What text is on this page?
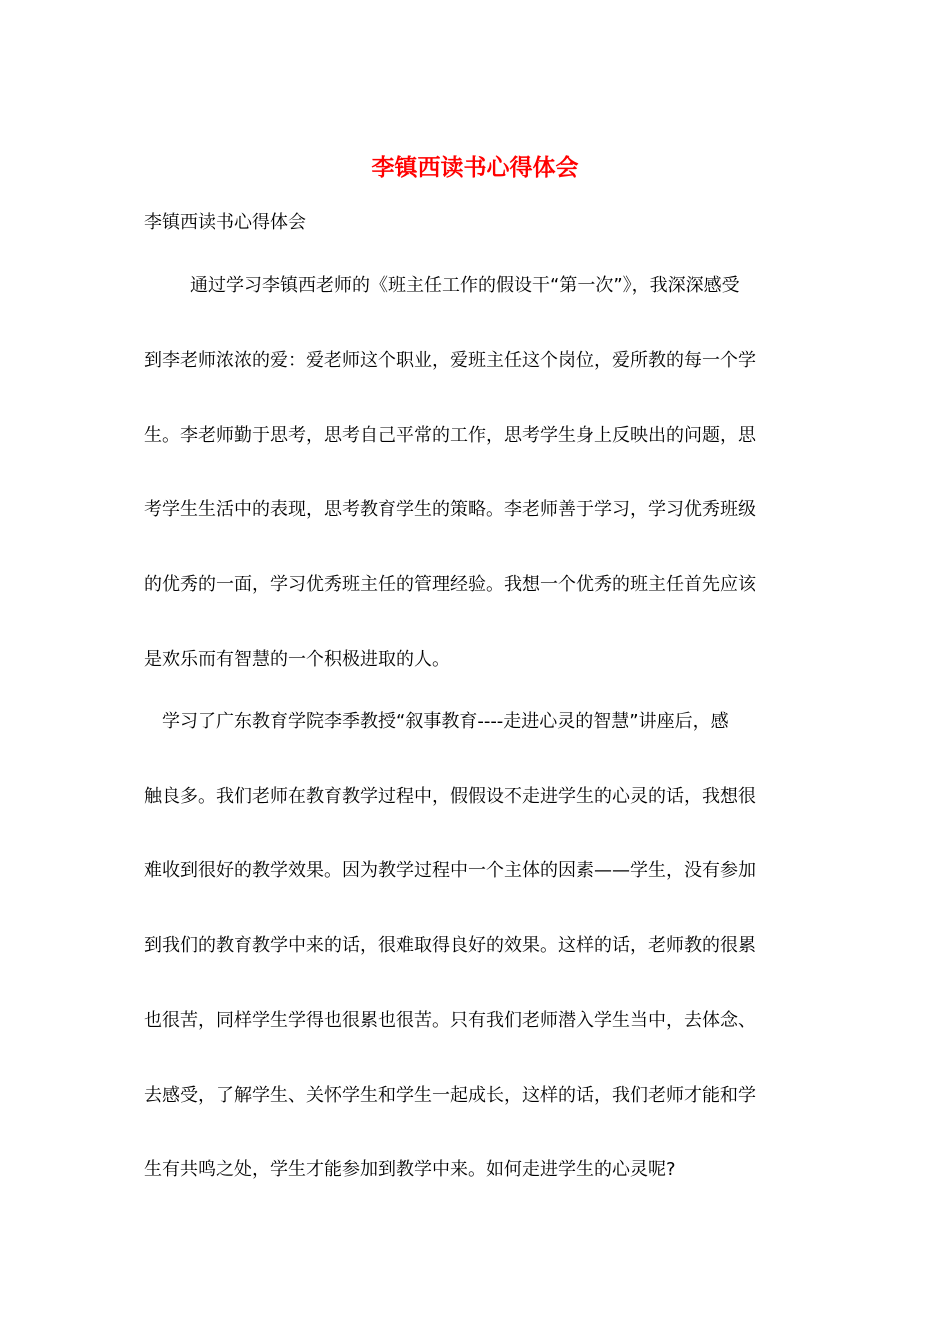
李镇西读书心得体会

李镇西读书心得体会

通过学习李镇西老师的《班主任工作的假设干“第一次”》，我深深感受

到李老师浓浓的爱：爱老师这个职业，爱班主任这个岗位，爱所教的每一个学

生。李老师勤于思考，思考自己平常的工作，思考学生身上反映出的问题，思

考学生生活中的表现，思考教育学生的策略。李老师善于学习，学习优秀班级

的优秀的一面，学习优秀班主任的管理经验。我想一个优秀的班主任首先应该

是欢乐而有智慧的一个积极进取的人。

学习了广东教育学院李季教授“叙事教育----走进心灵的智慧”讲座后，感

触良多。我们老师在教育教学过程中，假假设不走进学生的心灵的话，我想很

难收到很好的教学效果。因为教学过程中一个主体的因素——学生，没有参加

到我们的教育教学中来的话，很难取得良好的效果。这样的话，老师教的很累

也很苦，同样学生学得也很累也很苦。只有我们老师潜入学生当中，去体念、

去感受，了解学生、关怀学生和学生一起成长，这样的话，我们老师才能和学

生有共鸣之处，学生才能参加到教学中来。如何走进学生的心灵呢?
